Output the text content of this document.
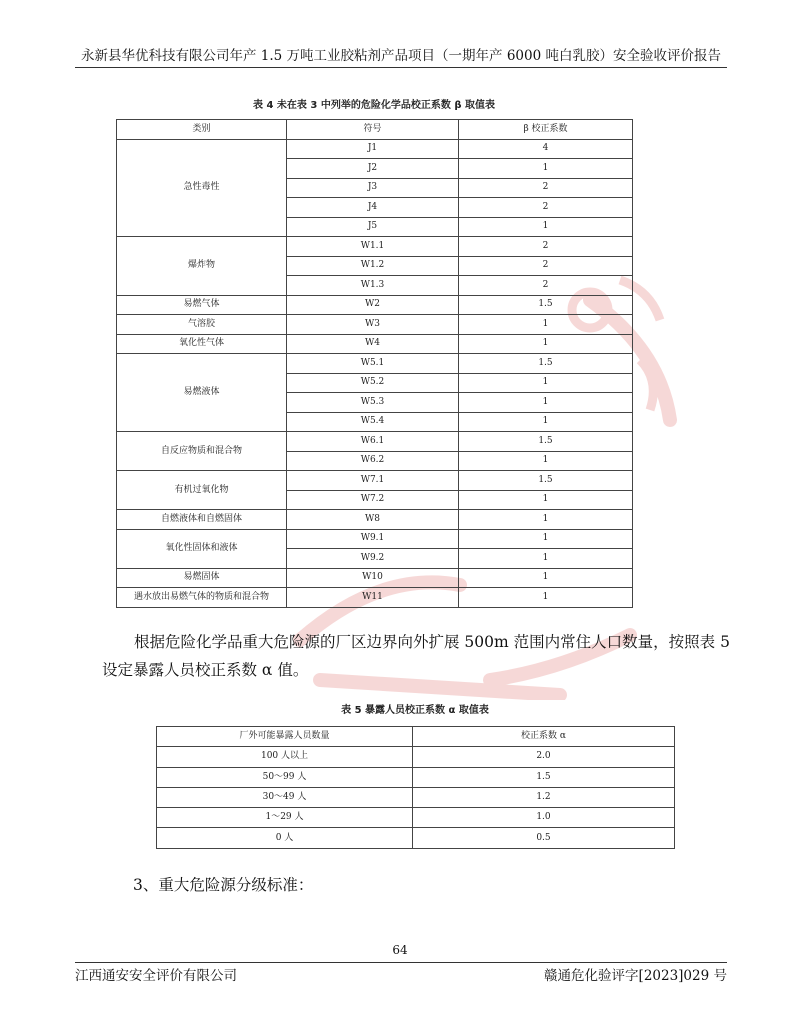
永新县华优科技有限公司年产 1.5 万吨工业胶粘剂产品项目（一期年产 6000 吨白乳胶）安全验收评价报告
表 4 未在表 3 中列举的危险化学品校正系数 β 取值表
类别	符号	β 校正系数
急性毒性	J1	4
	J2	1
	J3	2
	J4	2
	J5	1
爆炸物	W1.1	2
	W1.2	2
	W1.3	2
易燃气体	W2	1.5
气溶胶	W3	1
氧化性气体	W4	1
易燃液体	W5.1	1.5
	W5.2	1
	W5.3	1
	W5.4	1
自反应物质和混合物	W6.1	1.5
	W6.2	1
有机过氧化物	W7.1	1.5
	W7.2	1
自燃液体和自燃固体	W8	1
氧化性固体和液体	W9.1	1
	W9.2	1
易燃固体	W10	1
遇水放出易燃气体的物质和混合物	W11	1
根据危险化学品重大危险源的厂区边界向外扩展 500m 范围内常住人口数量，按照表 5 设定暴露人员校正系数 α 值。
表 5 暴露人员校正系数 α 取值表
厂外可能暴露人员数量	校正系数 α
100 人以上	2.0
50～99 人	1.5
30～49 人	1.2
1～29 人	1.0
0 人	0.5
3、重大危险源分级标准：
64
江西通安安全评价有限公司	赣通危化验评字[2023]029 号
